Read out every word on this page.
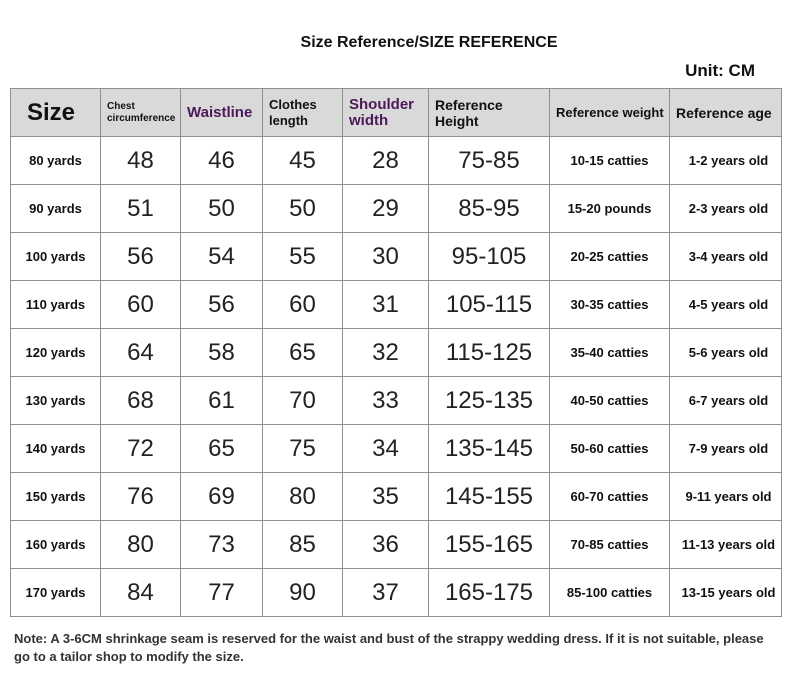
Size Reference/SIZE REFERENCE
Unit: CM
Size	Chest circumference	Waistline	Clothes length	Shoulder width	Reference Height	Reference weight	Reference age
80 yards	48	46	45	28	75-85	10-15 catties	1-2 years old
90 yards	51	50	50	29	85-95	15-20 pounds	2-3 years old
100 yards	56	54	55	30	95-105	20-25 catties	3-4 years old
110 yards	60	56	60	31	105-115	30-35 catties	4-5 years old
120 yards	64	58	65	32	115-125	35-40 catties	5-6 years old
130 yards	68	61	70	33	125-135	40-50 catties	6-7 years old
140 yards	72	65	75	34	135-145	50-60 catties	7-9 years old
150 yards	76	69	80	35	145-155	60-70 catties	9-11 years old
160 yards	80	73	85	36	155-165	70-85 catties	11-13 years old
170 yards	84	77	90	37	165-175	85-100 catties	13-15 years old
Note: A 3-6CM shrinkage seam is reserved for the waist and bust of the strappy wedding dress. If it is not suitable, please go to a tailor shop to modify the size.
